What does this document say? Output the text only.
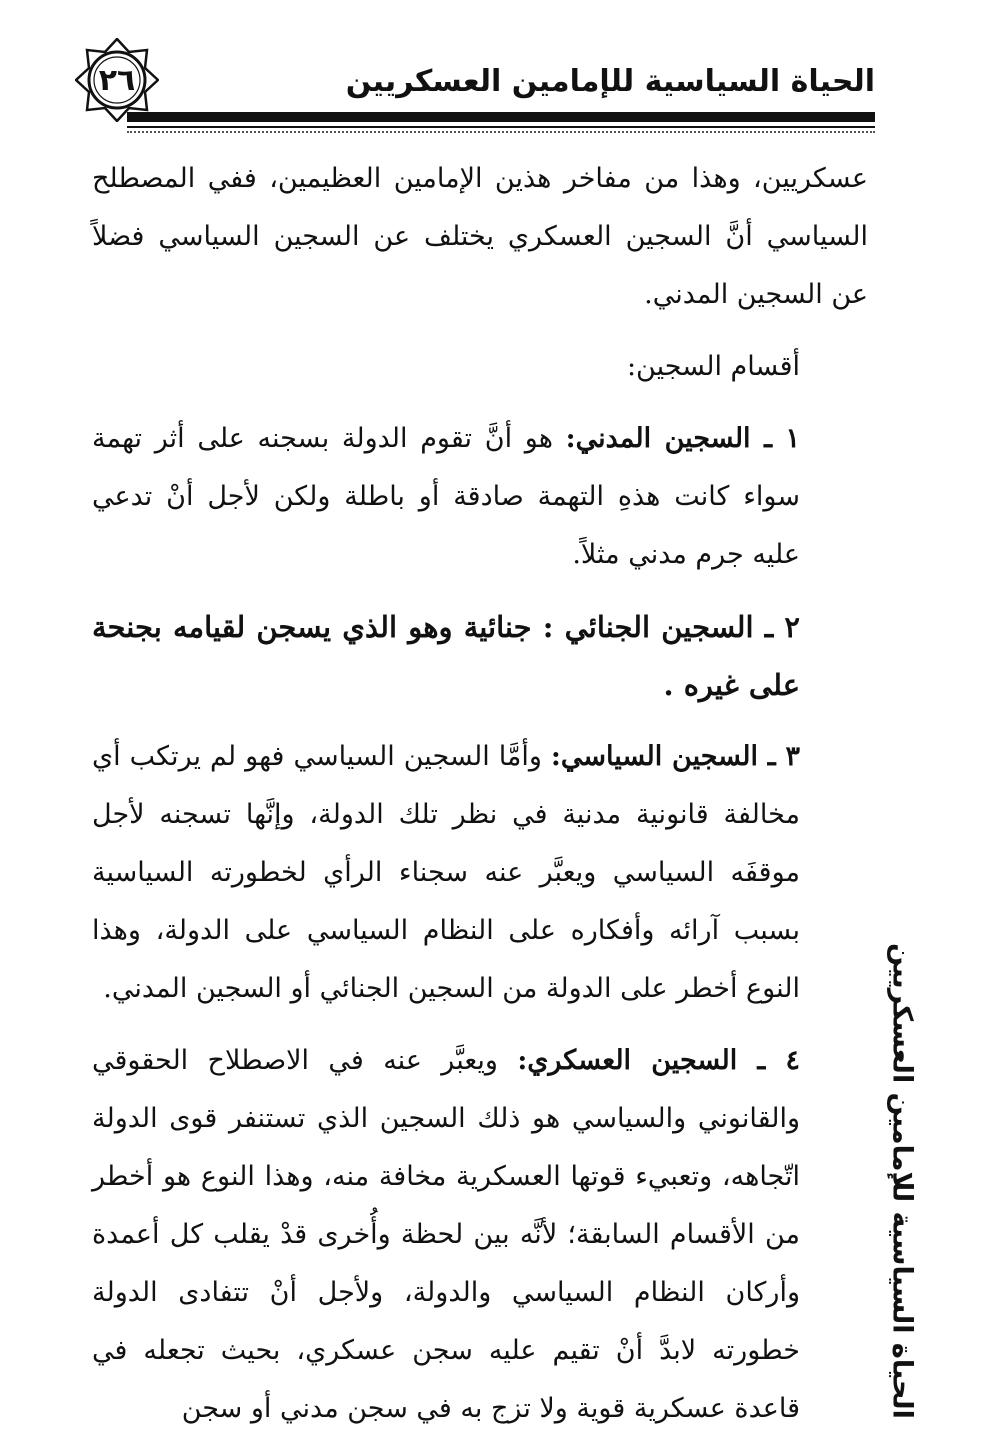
٢٦	الحياة السياسية للإمامين العسكريين

عسكريين، وهذا من مفاخر هذين الإمامين العظيمين، ففي المصطلح السياسي أنَّ السجين العسكري يختلف عن السجين السياسي فضلاً عن السجين المدني.

أقسام السجين:

١ ـ السجين المدني: هو أنَّ تقوم الدولة بسجنه على أثر تهمة سواء كانت هذهِ التهمة صادقة أو باطلة ولكن لأجل أنْ تدعي عليه جرم مدني مثلاً.

٢ ـ السجين الجنائي : جنائية وهو الذي يسجن لقيامه بجنحة على غيره .

٣ ـ السجين السياسي: وأمَّا السجين السياسي فهو لم يرتكب أي مخالفة قانونية مدنية في نظر تلك الدولة، وإنَّها تسجنه لأجل موقفَه السياسي ويعبَّر عنه سجناء الرأي لخطورته السياسية بسبب آرائه وأفكاره على النظام السياسي على الدولة، وهذا النوع أخطر على الدولة من السجين الجنائي أو السجين المدني.

٤ ـ السجين العسكري: ويعبَّر عنه في الاصطلاح الحقوقي والقانوني والسياسي هو ذلك السجين الذي تستنفر قوى الدولة اتّجاهه، وتعبيء قوتها العسكرية مخافة منه، وهذا النوع هو أخطر من الأقسام السابقة؛ لأنَّه بين لحظة وأُخرى قدْ يقلب كل أعمدة وأركان النظام السياسي والدولة، ولأجل أنْ تتفادى الدولة خطورته لابدَّ أنْ تقيم عليه سجن عسكري، بحيث تجعله في قاعدة عسكرية قوية ولا تزج به في سجن مدني أو سجن	الحياة السياسية للإمامين العسكريين
